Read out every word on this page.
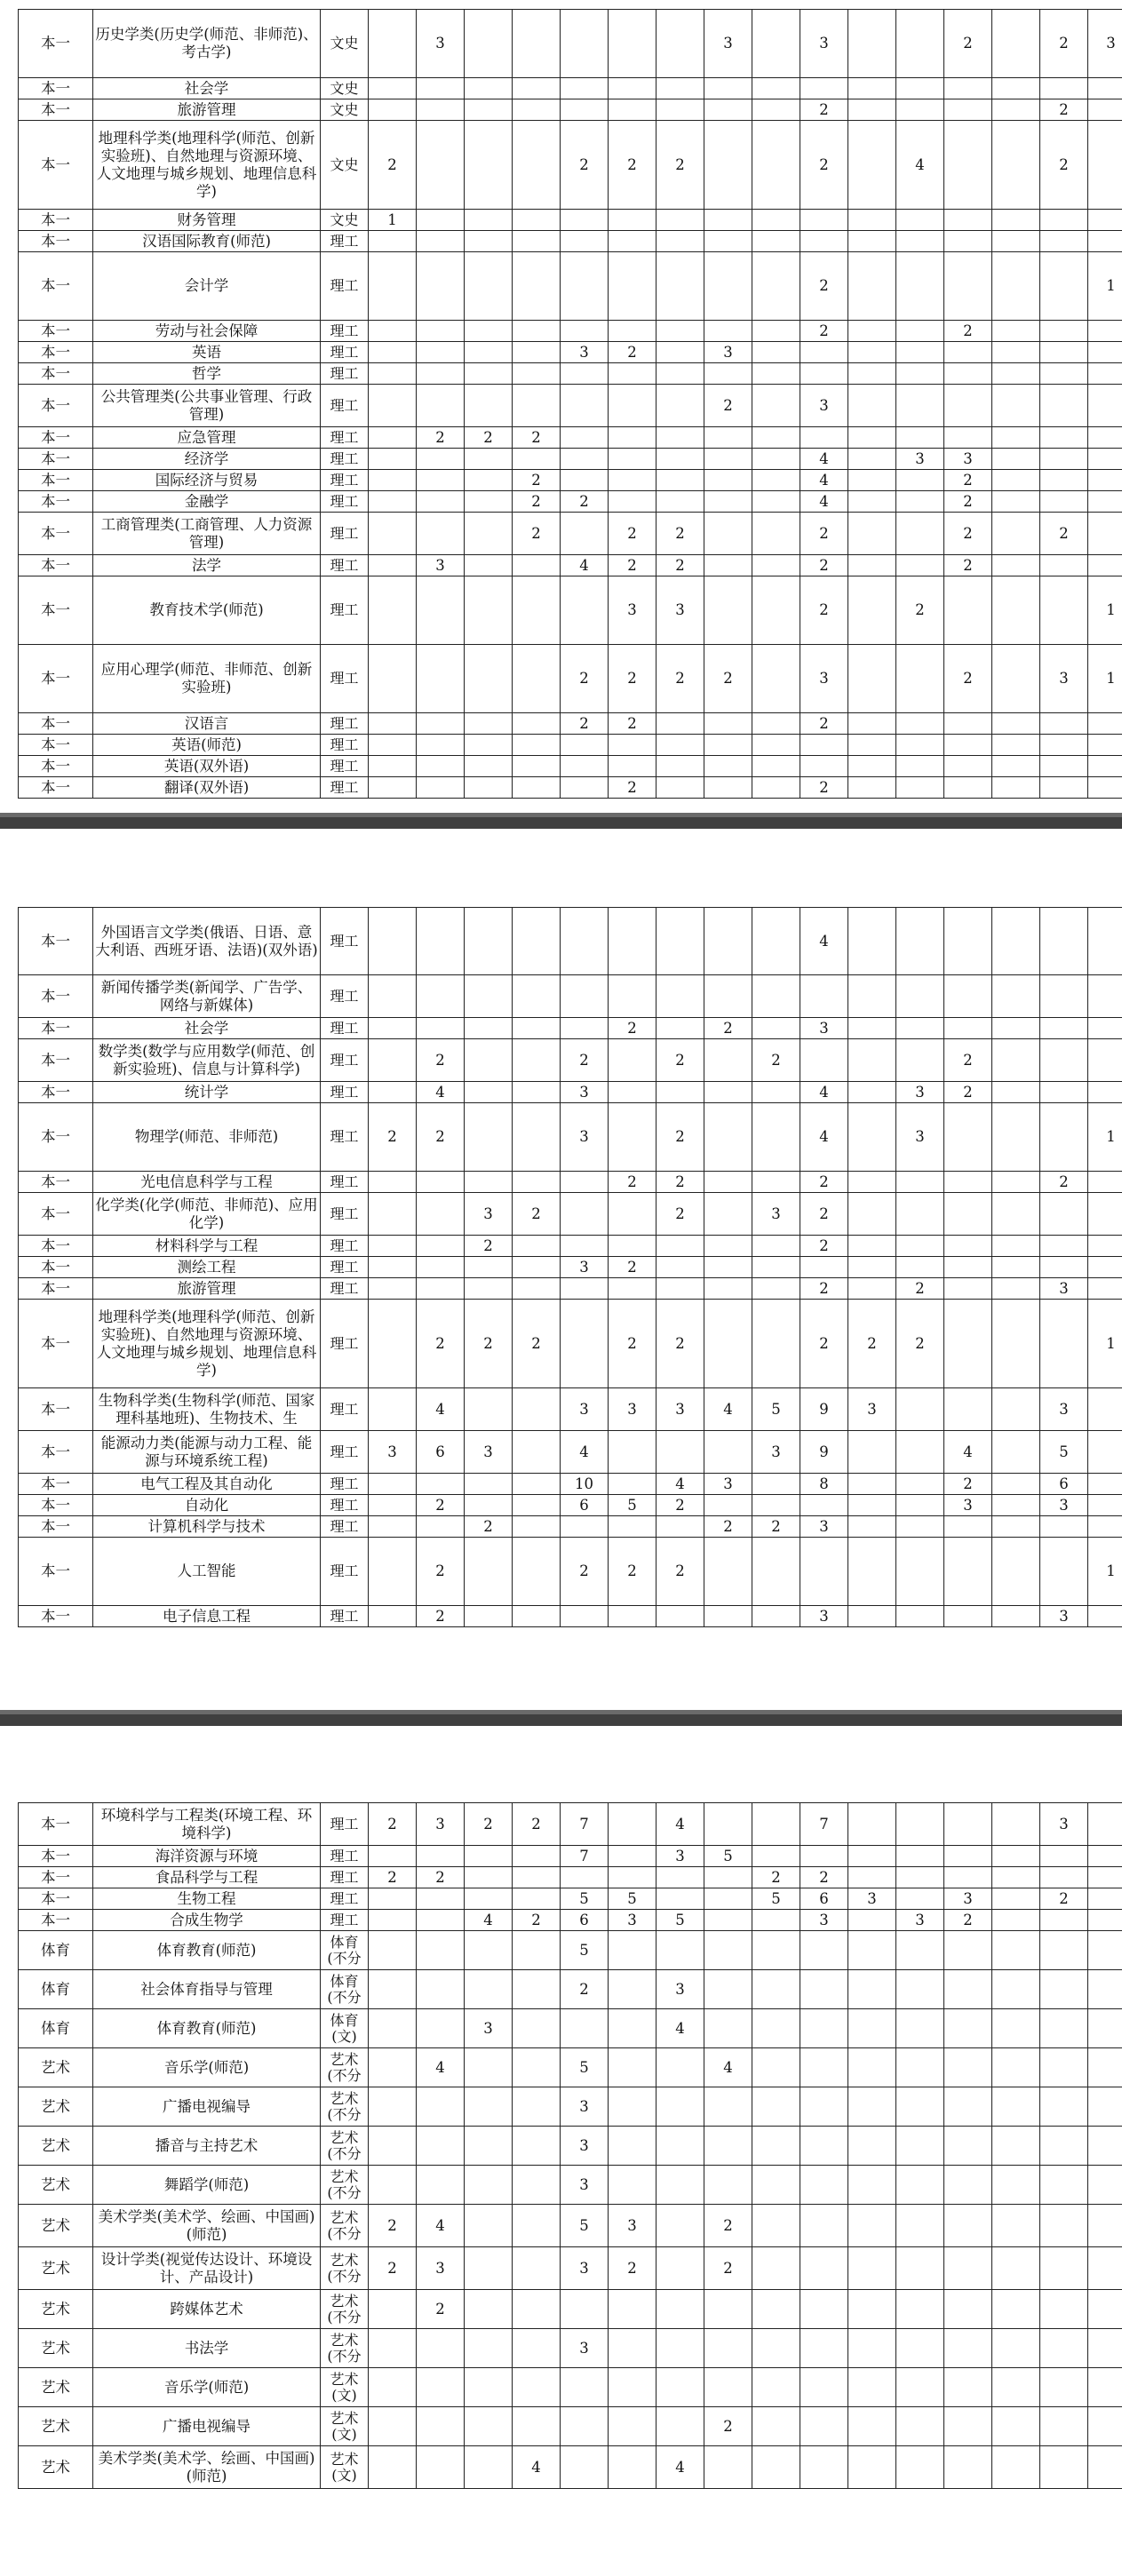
本一	历史学类(历史学(师范、非师范)、考古学)	文史		3						3		3			2		2	3	
本一	社会学	文史																	
本一	旅游管理	文史										2					2		
本一	地理科学类(地理科学(师范、创新实验班)、自然地理与资源环境、人文地理与城乡规划、地理信息科学)	文史	2				2	2	2			2		4			2		
本一	财务管理	文史	1																
本一	汉语国际教育(师范)	理工																	
本一	会计学	理工										2						1	
本一	劳动与社会保障	理工										2			2				
本一	英语	理工					3	2		3									
本一	哲学	理工																	
本一	公共管理类(公共事业管理、行政管理)	理工								2		3							
本一	应急管理	理工		2	2	2													
本一	经济学	理工										4		3	3				
本一	国际经济与贸易	理工				2						4			2				
本一	金融学	理工				2	2					4			2				
本一	工商管理类(工商管理、人力资源管理)	理工				2		2	2			2			2		2		
本一	法学	理工		3			4	2	2			2			2				
本一	教育技术学(师范)	理工						3	3			2		2				1	
本一	应用心理学(师范、非师范、创新实验班)	理工					2	2	2	2		3			2		3	1	
本一	汉语言	理工					2	2				2							
本一	英语(师范)	理工																	
本一	英语(双外语)	理工																	
本一	翻译(双外语)	理工						2				2							
本一	外国语言文学类(俄语、日语、意大利语、西班牙语、法语)(双外语)	理工										4							
本一	新闻传播学类(新闻学、广告学、网络与新媒体)	理工																	
本一	社会学	理工						2		2		3							
本一	数学类(数学与应用数学(师范、创新实验班)、信息与计算科学)	理工		2			2		2		2				2				
本一	统计学	理工		4			3					4		3	2				
本一	物理学(师范、非师范)	理工	2	2			3		2			4		3				1	
本一	光电信息科学与工程	理工						2	2			2					2		
本一	化学类(化学(师范、非师范)、应用化学)	理工			3	2			2		3	2							
本一	材料科学与工程	理工			2							2							
本一	测绘工程	理工					3	2											
本一	旅游管理	理工										2		2			3		
本一	地理科学类(地理科学(师范、创新实验班)、自然地理与资源环境、人文地理与城乡规划、地理信息科学)	理工		2	2	2		2	2			2	2	2				1	
本一	生物科学类(生物科学(师范、国家理科基地班)、生物技术、生	理工		4			3	3	3	4	5	9	3				3		
本一	能源动力类(能源与动力工程、能源与环境系统工程)	理工	3	6	3		4				3	9			4		5		
本一	电气工程及其自动化	理工					10		4	3		8			2		6		
本一	自动化	理工		2			6	5	2						3		3		
本一	计算机科学与技术	理工			2					2	2	3							
本一	人工智能	理工		2			2	2	2									1	
本一	电子信息工程	理工		2								3					3		
本一	环境科学与工程类(环境工程、环境科学)	理工	2	3	2	2	7		4			7					3		
本一	海洋资源与环境	理工					7		3	5									
本一	食品科学与工程	理工	2	2							2	2							
本一	生物工程	理工					5	5			5	6	3		3		2		
本一	合成生物学	理工			4	2	6	3	5			3		3	2				
体育	体育教育(师范)	体育(不分					5												
体育	社会体育指导与管理	体育(不分					2		3										
体育	体育教育(师范)	体育(文)			3				4										
艺术	音乐学(师范)	艺术(不分		4			5			4									
艺术	广播电视编导	艺术(不分					3												
艺术	播音与主持艺术	艺术(不分					3												
艺术	舞蹈学(师范)	艺术(不分					3												
艺术	美术学类(美术学、绘画、中国画)(师范)	艺术(不分	2	4			5	3		2									
艺术	设计学类(视觉传达设计、环境设计、产品设计)	艺术(不分	2	3			3	2		2									
艺术	跨媒体艺术	艺术(不分		2															
艺术	书法学	艺术(不分					3												
艺术	音乐学(师范)	艺术(文)																	
艺术	广播电视编导	艺术(文)								2									
艺术	美术学类(美术学、绘画、中国画)(师范)	艺术(文)				4			4										
